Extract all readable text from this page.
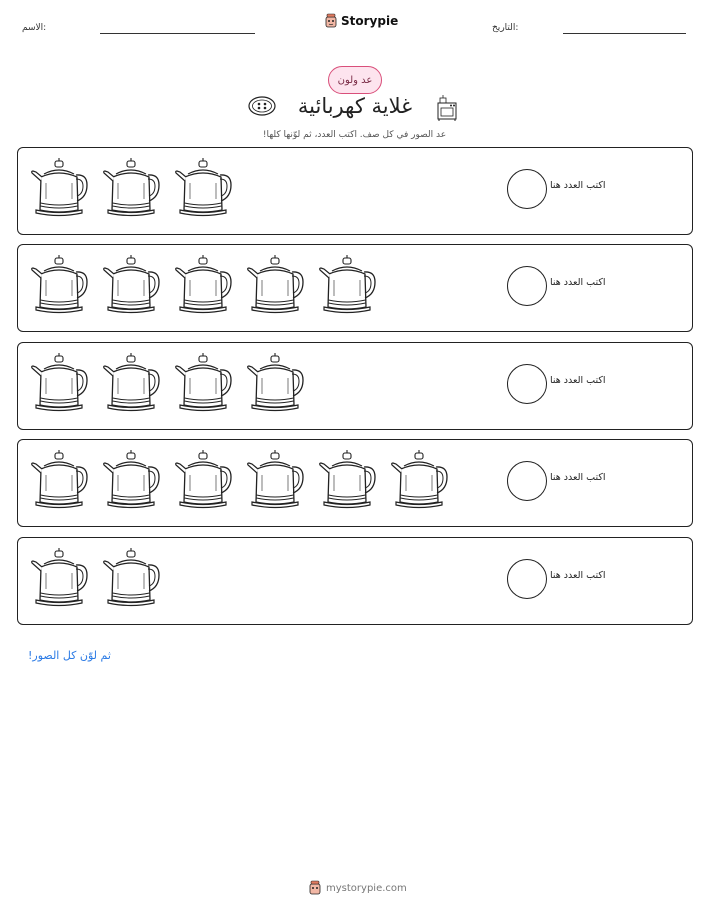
الاسم:	Storypie	التاريخ:
عد ولون
غلاية كهربائية
عد الصور في كل صف. اكتب العدد، ثم لوّنها كلها!
اكتب العدد هنا
اكتب العدد هنا
اكتب العدد هنا
اكتب العدد هنا
اكتب العدد هنا
ثم لوّن كل الصور!
mystorypie.com
